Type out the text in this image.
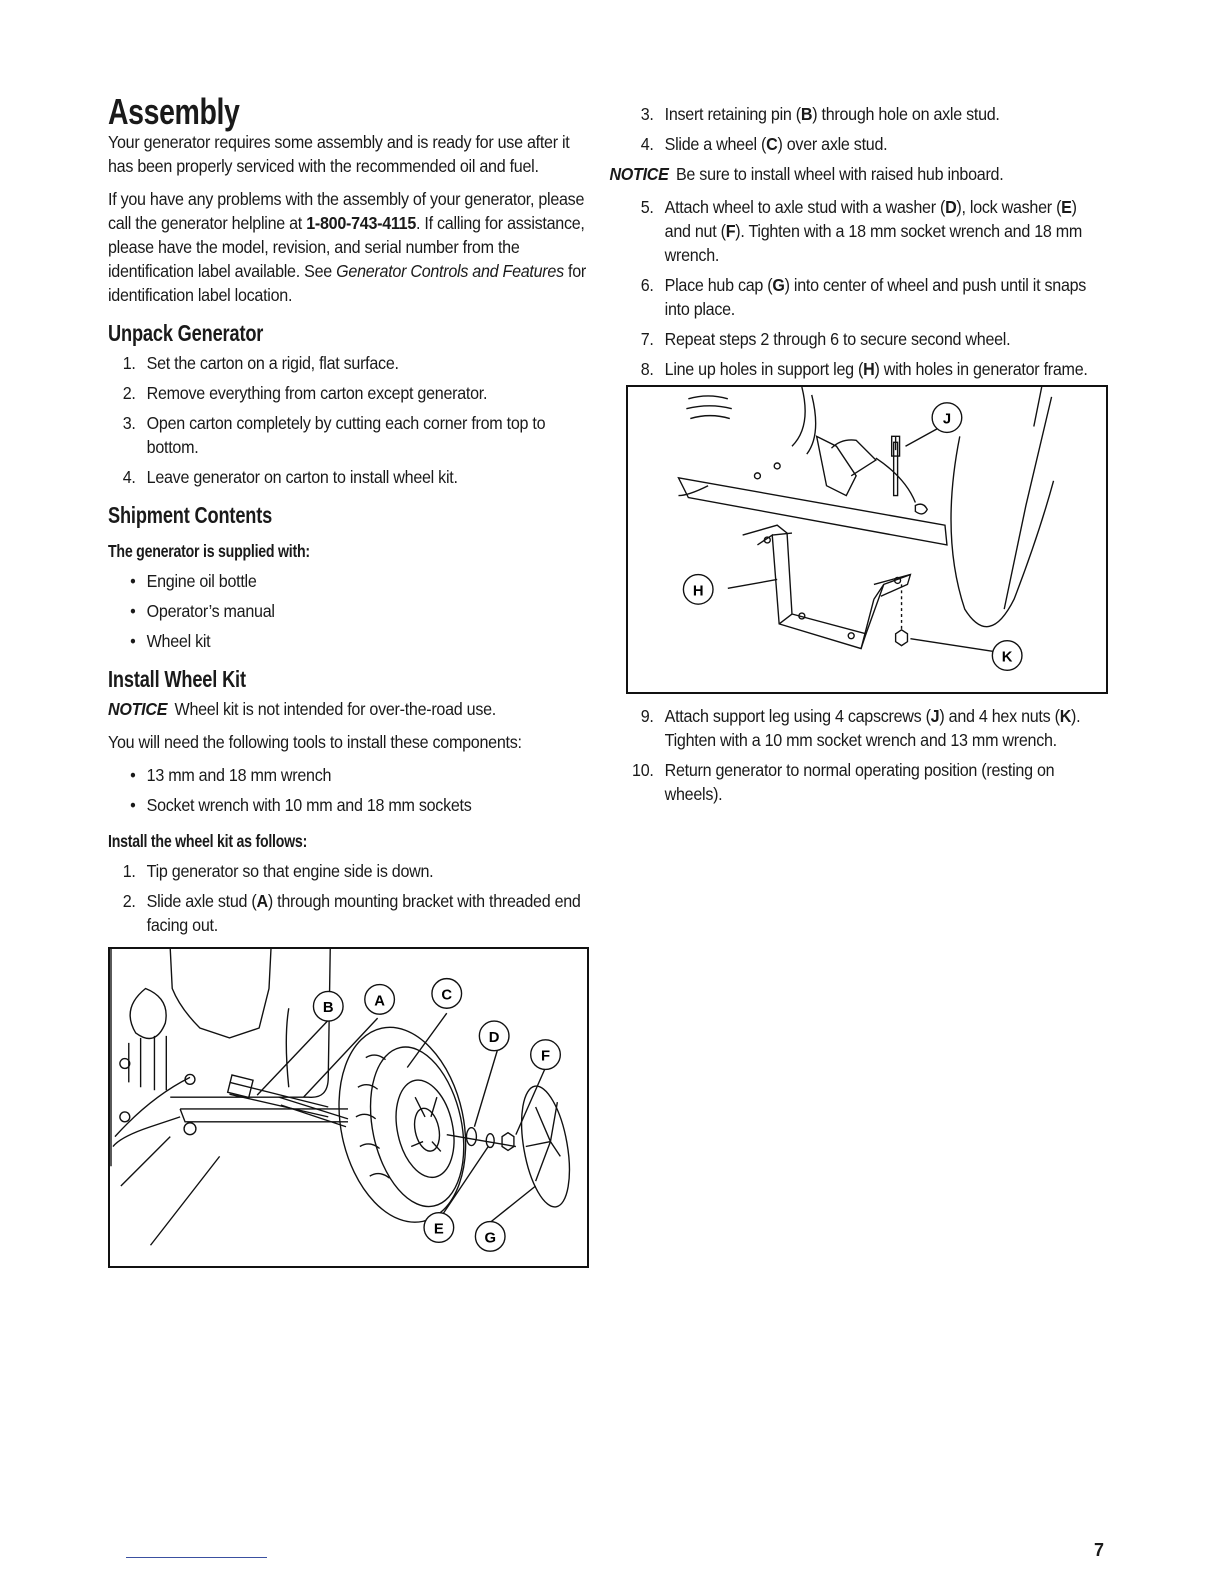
Assembly

Your generator requires some assembly and is ready for use after it has been properly serviced with the recommended oil and fuel.

If you have any problems with the assembly of your generator, please call the generator helpline at 1-800-743-4115. If calling for assistance, please have the model, revision, and serial number from the identification label available. See Generator Controls and Features for identification label location.

Unpack Generator
1. Set the carton on a rigid, flat surface.
2. Remove everything from carton except generator.
3. Open carton completely by cutting each corner from top to bottom.
4. Leave generator on carton to install wheel kit.
Shipment Contents
The generator is supplied with:
• Engine oil bottle
• Operator’s manual
• Wheel kit
Install Wheel Kit

NOTICE Wheel kit is not intended for over-the-road use.

You will need the following tools to install these components:

• 13 mm and 18 mm wrench
• Socket wrench with 10 mm and 18 mm sockets
Install the wheel kit as follows:
1. Tip generator so that engine side is down.
2. Slide axle stud (A) through mounting bracket with threaded end facing out.
B	A	C
D
F
E
G
3. Insert retaining pin (B) through hole on axle stud.
4. Slide a wheel (C) over axle stud.

NOTICE Be sure to install wheel with raised hub inboard.

5. Attach wheel to axle stud with a washer (D), lock washer (E) and nut (F). Tighten with a 18 mm socket wrench and 18 mm wrench.
6. Place hub cap (G) into center of wheel and push until it snaps into place.
7. Repeat steps 2 through 6 to secure second wheel.
8. Line up holes in support leg (H) with holes in generator frame.
J
H
K
9. Attach support leg using 4 capscrews (J) and 4 hex nuts (K). Tighten with a 10 mm socket wrench and 13 mm wrench.
10. Return generator to normal operating position (resting on wheels).
7
